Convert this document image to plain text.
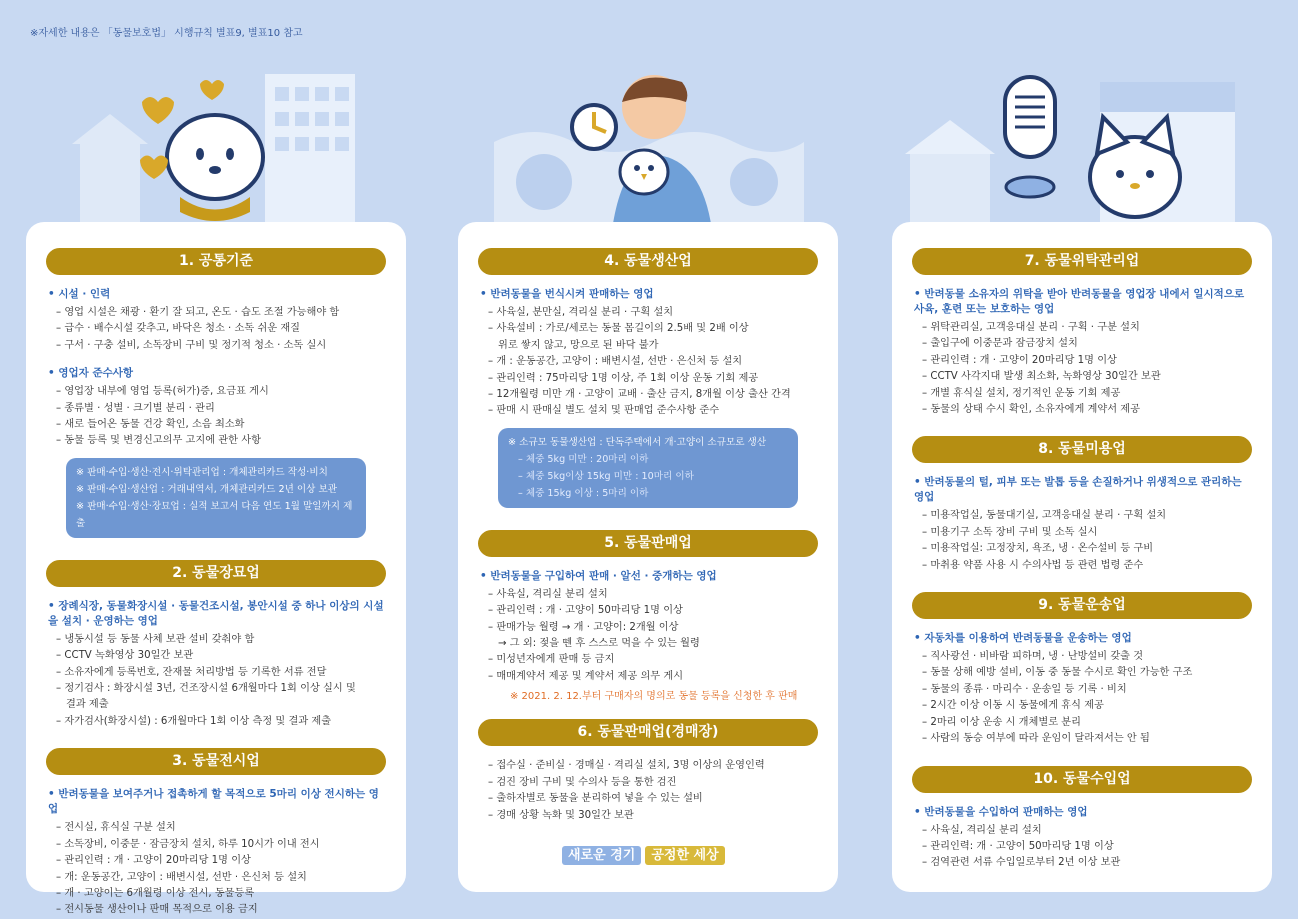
※자세한 내용은 「동물보호법」 시행규칙 별표9, 별표10 참고
1. 공통기준
• 시설 · 인력
– 영업 시설은 채광 · 환기 잘 되고, 온도 · 습도 조절 가능해야 함
– 급수 · 배수시설 갖추고, 바닥은 청소 · 소독 쉬운 재질
– 구서 · 구충 설비, 소독장비 구비 및 정기적 청소 · 소독 실시
• 영업자 준수사항
– 영업장 내부에 영업 등록(허가)증, 요금표 게시
– 종류별 · 성별 · 크기별 분리 · 관리
– 새로 들어온 동물 건강 확인, 소음 최소화
– 동물 등록 및 변경신고의무 고지에 관한 사항
※ 판매·수입·생산·전시·위탁관리업 : 개체관리카드 작성·비치
※ 판매·수입·생산업 : 거래내역서, 개체관리카드 2년 이상 보관
※ 판매·수입·생산·장묘업 : 실적 보고서 다음 연도 1월 말일까지 제출
2. 동물장묘업
• 장례식장, 동물화장시설 · 동물건조시설, 봉안시설 중 하나 이상의 시설을 설치 · 운영하는 영업
– 냉동시설 등 동물 사체 보관 설비 갖춰야 함
– CCTV 녹화영상 30일간 보관
– 소유자에게 등록번호, 잔재물 처리방법 등 기록한 서류 전달
– 정기검사 : 화장시설 3년, 건조장시설 6개월마다 1회 이상 실시 및
결과 제출
– 자가검사(화장시설) : 6개월마다 1회 이상 측정 및 결과 제출
3. 동물전시업
• 반려동물을 보여주거나 접촉하게 할 목적으로 5마리 이상 전시하는 영업
– 전시실, 휴식실 구분 설치
– 소독장비, 이중문 · 잠금장치 설치, 하루 10시가 이내 전시
– 관리인력 : 개 · 고양이 20마리당 1명 이상
– 개: 운동공간, 고양이 : 배변시설, 선반 · 은신처 등 설치
– 개 · 고양이는 6개월령 이상 전시, 동물등록
– 전시동물 생산이나 판매 목적으로 이용 금지
4. 동물생산업
• 반려동물을 번식시켜 판매하는 영업
– 사육실, 분만실, 격리실 분리 · 구획 설치
– 사육설비 : 가로/세로는 동물 몸길이의 2.5배 및 2배 이상
위로 쌓지 않고, 망으로 된 바닥 불가
– 개 : 운동공간, 고양이 : 배변시설, 선반 · 은신처 등 설치
– 관리인력 : 75마리당 1명 이상, 주 1회 이상 운동 기회 제공
– 12개월령 미만 개 · 고양이 교배 · 출산 금지, 8개월 이상 출산 간격
– 판매 시 판매실 별도 설치 및 판매업 준수사항 준수
※ 소규모 동물생산업 : 단독주택에서 개·고양이 소규모로 생산
– 체중 5kg 미만 : 20마리 이하
– 체중 5kg이상 15kg 미만 : 10마리 이하
– 체중 15kg 이상 : 5마리 이하
5. 동물판매업
• 반려동물을 구입하여 판매 · 알선 · 중개하는 영업
– 사육실, 격리실 분리 설치
– 관리인력 : 개 · 고양이 50마리당 1명 이상
– 판매가능 월령 → 개 · 고양이: 2개월 이상
→ 그 외: 젖을 뗀 후 스스로 먹을 수 있는 월령
– 미성년자에게 판매 등 금지
– 매매계약서 제공 및 계약서 제공 의무 게시
※ 2021. 2. 12.부터 구매자의 명의로 동물 등록을 신청한 후 판매
6. 동물판매업(경매장)
– 접수실 · 준비실 · 경매실 · 격리실 설치, 3명 이상의 운영인력
– 검진 장비 구비 및 수의사 등을 통한 검진
– 출하자별로 동물을 분리하여 넣을 수 있는 설비
– 경매 상황 녹화 및 30일간 보관
새로운 경기 공정한 세상
7. 동물위탁관리업
• 반려동물 소유자의 위탁을 받아 반려동물을 영업장 내에서 일시적으로 사육, 훈련 또는 보호하는 영업
– 위탁관리실, 고객응대실 분리 · 구획 · 구분 설치
– 출입구에 이중문과 잠금장치 설치
– 관리인력 : 개 · 고양이 20마리당 1명 이상
– CCTV 사각지대 발생 최소화, 녹화영상 30일간 보관
– 개별 휴식실 설치, 정기적인 운동 기회 제공
– 동물의 상태 수시 확인, 소유자에게 계약서 제공
8. 동물미용업
• 반려동물의 털, 피부 또는 발톱 등을 손질하거나 위생적으로 관리하는 영업
– 미용작업실, 동물대기실, 고객응대실 분리 · 구획 설치
– 미용기구 소독 장비 구비 및 소독 실시
– 미용작업실: 고정장치, 욕조, 냉 · 온수설비 등 구비
– 마취용 약품 사용 시 수의사법 등 관련 법령 준수
9. 동물운송업
• 자동차를 이용하여 반려동물을 운송하는 영업
– 직사광선 · 비바람 피하며, 냉 · 난방설비 갖출 것
– 동물 상해 예방 설비, 이동 중 동물 수시로 확인 가능한 구조
– 동물의 종류 · 마리수 · 운송일 등 기록 · 비치
– 2시간 이상 이동 시 동물에게 휴식 제공
– 2마리 이상 운송 시 개체별로 분리
– 사람의 동승 여부에 따라 운임이 달라져서는 안 됨
10. 동물수입업
• 반려동물을 수입하여 판매하는 영업
– 사육실, 격리실 분리 설치
– 관리인력: 개 · 고양이 50마리당 1명 이상
– 검역관련 서류 수입일로부터 2년 이상 보관
